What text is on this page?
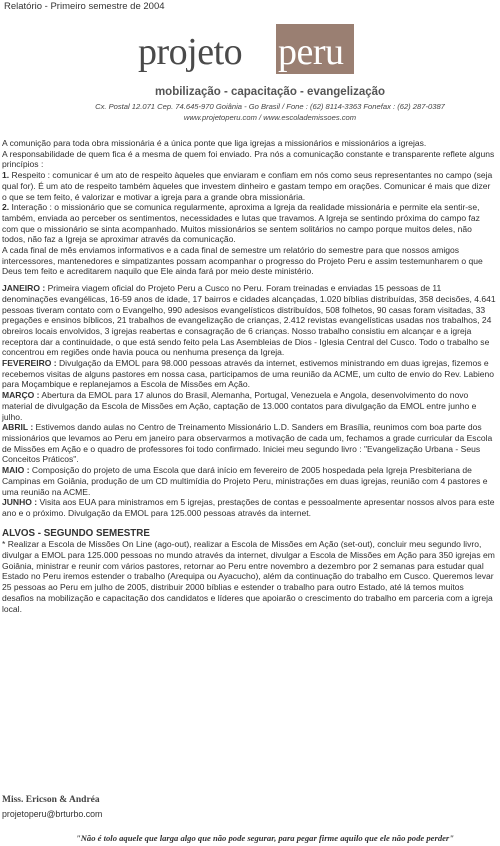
Relatório - Primeiro semestre de 2004
projeto peru
mobilização - capacitação - evangelização
Cx. Postal 12.071 Cep. 74.645-970 Goiânia - Go Brasil / Fone : (62) 8114-3363 Fonefax : (62) 287-0387
www.projetoperu.com / www.escolademissoes.com

A comunição para toda obra missionária é a única ponte que liga igrejas a missionários e missionários a igrejas.

A responsabilidade de quem fica é a mesma de quem foi enviado. Pra nós a comunicação constante e transparente reflete alguns princípios :

1. Respeito : comunicar é um ato de respeito àqueles que enviaram e confiam em nós como seus representantes no campo (seja qual for). É um ato de respeito também àqueles que investem dinheiro e gastam tempo em orações. Comunicar é mais que dizer o que se tem feito, é valorizar e motivar a igreja para a grande obra missionária.

2. Interação : o missionário que se comunica regularmente, aproxima a Igreja da realidade missionária e permite ela sentir-se, também, enviada ao perceber os sentimentos, necessidades e lutas que travamos. A Igreja se sentindo próxima do campo faz com que o missionário se sinta acompanhado. Muitos missionários se sentem solitários no campo porque muitos deles, não todos, não faz a Igreja se aproximar através da comunicação.

A cada final de mês enviamos informativos e a cada final de semestre um relatório do semestre para que nossos amigos intercessores, mantenedores e simpatizantes possam acompanhar o progresso do Projeto Peru e assim testemunharem o que Deus tem feito e acreditarem naquilo que Ele ainda fará por meio deste ministério.

JANEIRO : Primeira viagem oficial do Projeto Peru a Cusco no Peru. Foram treinadas e enviadas 15 pessoas de 11 denominações evangélicas, 16-59 anos de idade, 17 bairros e cidades alcançadas, 1.020 bíblias distribuídas, 358 decisões, 4.641 pessoas tiveram contato com o Evangelho, 990 adesisos evangelísticos distribuídos, 508 folhetos, 90 casas foram visitadas, 33 pregações e ensinos bíblicos, 21 trabalhos de evangelização de crianças, 2.412 revistas evangelísticas usadas nos trabalhos, 24 obreiros locais envolvidos, 3 igrejas reabertas e consagração de 6 crianças. Nosso trabalho consistiu em alcançar e a igreja receptora dar a continuidade, o que está sendo feito pela Las Asembleias de Dios - Iglesia Central del Cusco. Todo o trabalho se concentrou em regiões onde havia pouca ou nenhuma presença da Igreja.

FEVEREIRO : Divulgação da EMOL para 98.000 pessoas através da internet, estivemos ministrando em duas igrejas, fizemos e recebemos visitas de alguns pastores em nossa casa, participamos de uma reunião da ACME, um culto de envio do Rev. Labieno para Moçambique e replanejamos a Escola de Missões em Ação.

MARÇO : Abertura da EMOL para 17 alunos do Brasil, Alemanha, Portugal, Venezuela e Angola, desenvolvimento do novo material de divulgação da Escola de Missões em Ação, captação de 13.000 contatos para divulgação da EMOL entre junho e julho.

ABRIL : Estivemos dando aulas no Centro de Treinamento Missionário L.D. Sanders em Brasília, reunimos com boa parte dos missionários que levamos ao Peru em janeiro para observarmos a motivação de cada um, fechamos a grade curricular da Escola de Missões em Ação e o quadro de professores foi todo confirmado. Iniciei meu segundo livro : "Evangelização Urbana - Seus Conceitos Práticos".

MAIO : Composição do projeto de uma Escola que dará início em fevereiro de 2005 hospedada pela Igreja Presbiteriana de Campinas em Goiânia, produção de um CD multimídia do Projeto Peru, ministrações em duas igrejas, reunião com 4 pastores e uma reunião na ACME.

JUNHO : Visita aos EUA para ministramos em 5 igrejas, prestações de contas e pessoalmente apresentar nossos alvos para este ano e o próximo. Divulgação da EMOL para 125.000 pessoas através da internet.

ALVOS - SEGUNDO SEMESTRE

* Realizar a Escola de Missões On Line (ago-out), realizar a Escola de Missões em Ação (set-out), concluir meu segundo livro, divulgar a EMOL para 125.000 pessoas no mundo através da internet, divulgar a Escola de Missões em Ação para 350 igrejas em Goiânia, ministrar e reunir com vários pastores, retornar ao Peru entre novembro a dezembro por 2 semanas para estudar qual Estado no Peru iremos estender o trabalho (Arequipa ou Ayacucho), além da continuação do trabalho em Cusco. Queremos levar 25 pessoas ao Peru em julho de 2005, distribuir 2000 bíblias e estender o trabalho para outro Estado, até lá temos muitos desafios na mobilização e capacitação dos candidatos e líderes que apoiarão o crescimento do trabalho em parceria com a igreja local.

Miss. Ericson & Andréa
projetoperu@brturbo.com
"Não é tolo aquele que larga algo que não pode segurar, para pegar firme aquilo que ele não pode perder"
